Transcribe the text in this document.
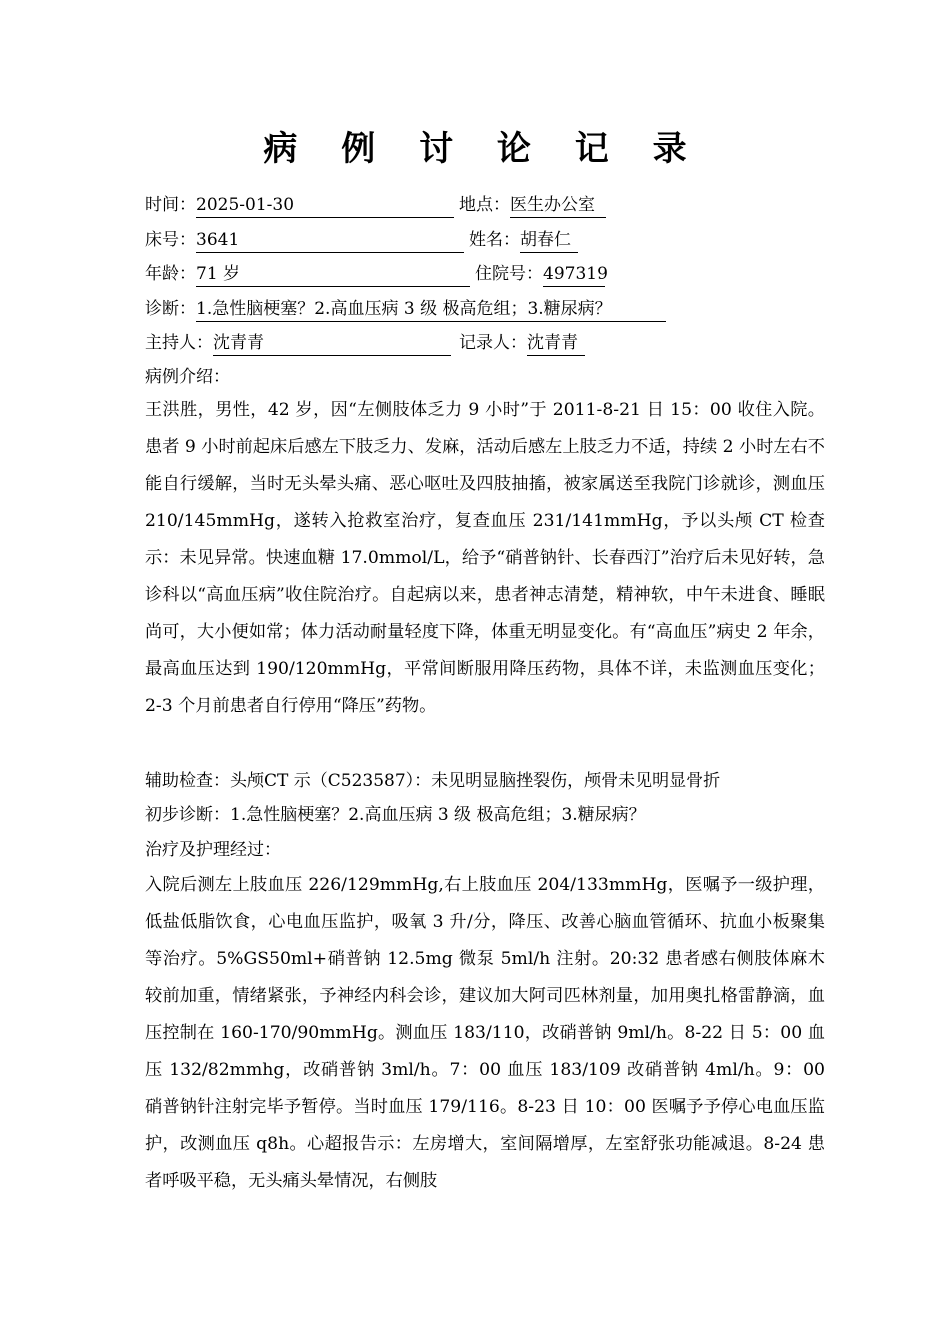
病 例 讨 论 记 录
时间：2025-01-30	地点：医生办公室
床号：3641	姓名：胡春仁
年龄：71 岁	住院号：497319
诊断：1.急性脑梗塞？2.高血压病 3 级 极高危组；3.糖尿病？
主持人：沈青青	记录人：沈青青
病例介绍：

王洪胜，男性，42 岁，因“左侧肢体乏力 9 小时”于 2011-8-21 日 15：00 收住入院。患者 9 小时前起床后感左下肢乏力、发麻，活动后感左上肢乏力不适，持续 2 小时左右不能自行缓解，当时无头晕头痛、恶心呕吐及四肢抽搐，被家属送至我院门诊就诊，测血压 210/145mmHg，遂转入抢救室治疗，复查血压 231/141mmHg，予以头颅 CT 检查示：未见异常。快速血糖 17.0mmol/L，给予“硝普钠针、长春西汀”治疗后未见好转，急诊科以“高血压病”收住院治疗。自起病以来，患者神志清楚，精神软，中午未进食、睡眠尚可，大小便如常；体力活动耐量轻度下降，体重无明显变化。有“高血压”病史 2 年余，最高血压达到 190/120mmHg，平常间断服用降压药物，具体不详，未监测血压变化；2-3 个月前患者自行停用“降压”药物。

辅助检查：头颅CT 示（C523587）：未见明显脑挫裂伤，颅骨未见明显骨折
初步诊断：1.急性脑梗塞？2.高血压病 3 级 极高危组；3.糖尿病？
治疗及护理经过：

入院后测左上肢血压 226/129mmHg,右上肢血压 204/133mmHg，医嘱予一级护理，低盐低脂饮食，心电血压监护，吸氧 3 升/分，降压、改善心脑血管循环、抗血小板聚集等治疗。5%GS50ml+硝普钠 12.5mg 微泵 5ml/h 注射。20:32 患者感右侧肢体麻木较前加重，情绪紧张，予神经内科会诊，建议加大阿司匹林剂量，加用奥扎格雷静滴，血压控制在 160-170/90mmHg。测血压 183/110，改硝普钠 9ml/h。8-22 日 5：00 血压 132/82mmhg，改硝普钠 3ml/h。7：00 血压 183/109 改硝普钠 4ml/h。9：00 硝普钠针注射完毕予暂停。当时血压 179/116。8-23 日 10：00 医嘱予予停心电血压监护，改测血压 q8h。心超报告示：左房增大，室间隔增厚，左室舒张功能减退。8-24 患者呼吸平稳，无头痛头晕情况，右侧肢
